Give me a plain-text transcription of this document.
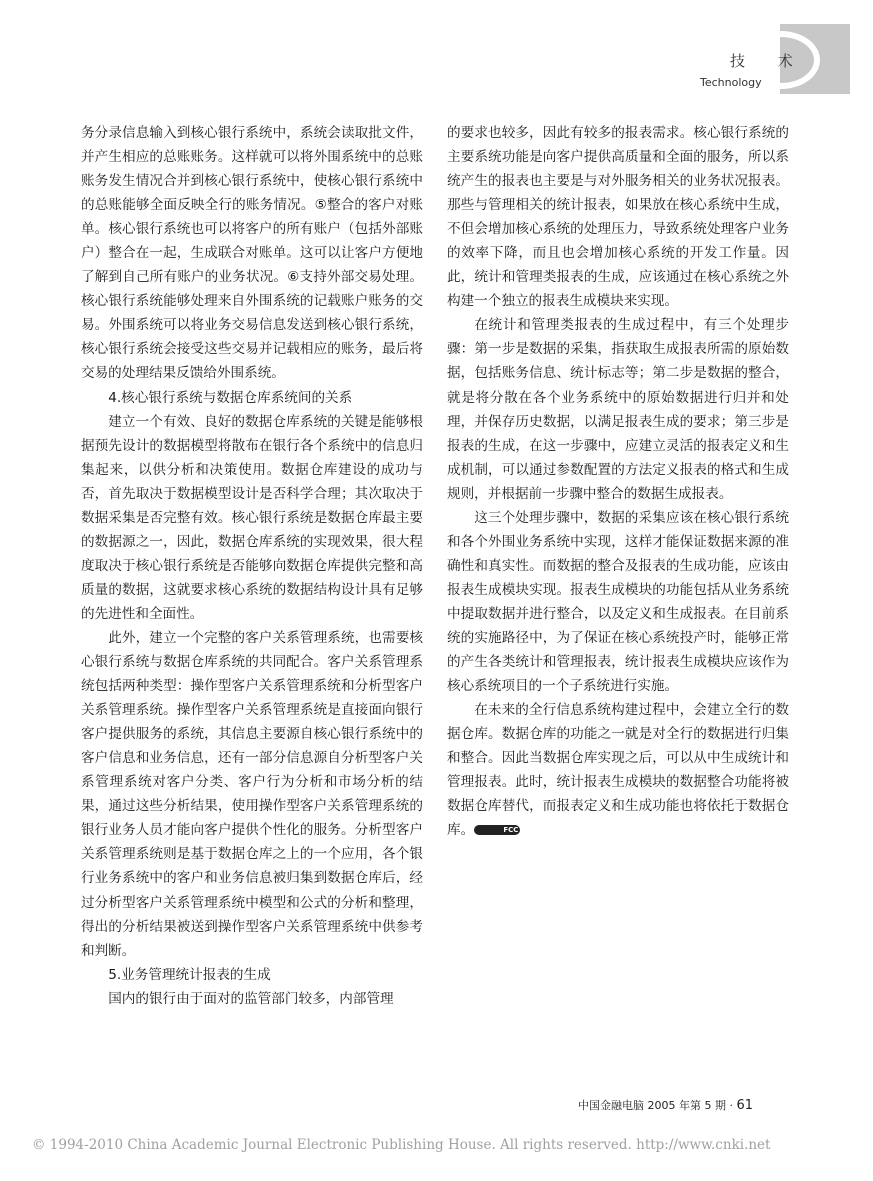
技 术
Technology

务分录信息输入到核心银行系统中，系统会读取批文件，并产生相应的总账账务。这样就可以将外围系统中的总账账务发生情况合并到核心银行系统中，使核心银行系统中的总账能够全面反映全行的账务情况。⑤整合的客户对账单。核心银行系统也可以将客户的所有账户（包括外部账户）整合在一起，生成联合对账单。这可以让客户方便地了解到自己所有账户的业务状况。⑥支持外部交易处理。核心银行系统能够处理来自外围系统的记载账户账务的交易。外围系统可以将业务交易信息发送到核心银行系统，核心银行系统会接受这些交易并记载相应的账务，最后将交易的处理结果反馈给外围系统。

4.核心银行系统与数据仓库系统间的关系

建立一个有效、良好的数据仓库系统的关键是能够根据预先设计的数据模型将散布在银行各个系统中的信息归集起来，以供分析和决策使用。数据仓库建设的成功与否，首先取决于数据模型设计是否科学合理；其次取决于数据采集是否完整有效。核心银行系统是数据仓库最主要的数据源之一，因此，数据仓库系统的实现效果，很大程度取决于核心银行系统是否能够向数据仓库提供完整和高质量的数据，这就要求核心系统的数据结构设计具有足够的先进性和全面性。

此外，建立一个完整的客户关系管理系统，也需要核心银行系统与数据仓库系统的共同配合。客户关系管理系统包括两种类型：操作型客户关系管理系统和分析型客户关系管理系统。操作型客户关系管理系统是直接面向银行客户提供服务的系统，其信息主要源自核心银行系统中的客户信息和业务信息，还有一部分信息源自分析型客户关系管理系统对客户分类、客户行为分析和市场分析的结果，通过这些分析结果，使用操作型客户关系管理系统的银行业务人员才能向客户提供个性化的服务。分析型客户关系管理系统则是基于数据仓库之上的一个应用，各个银行业务系统中的客户和业务信息被归集到数据仓库后，经过分析型客户关系管理系统中模型和公式的分析和整理，得出的分析结果被送到操作型客户关系管理系统中供参考和判断。

5.业务管理统计报表的生成

国内的银行由于面对的监管部门较多，内部管理

的要求也较多，因此有较多的报表需求。核心银行系统的主要系统功能是向客户提供高质量和全面的服务，所以系统产生的报表也主要是与对外服务相关的业务状况报表。那些与管理相关的统计报表，如果放在核心系统中生成，不但会增加核心系统的处理压力，导致系统处理客户业务的效率下降，而且也会增加核心系统的开发工作量。因此，统计和管理类报表的生成，应该通过在核心系统之外构建一个独立的报表生成模块来实现。

在统计和管理类报表的生成过程中，有三个处理步骤：第一步是数据的采集，指获取生成报表所需的原始数据，包括账务信息、统计标志等；第二步是数据的整合，就是将分散在各个业务系统中的原始数据进行归并和处理，并保存历史数据，以满足报表生成的要求；第三步是报表的生成，在这一步骤中，应建立灵活的报表定义和生成机制，可以通过参数配置的方法定义报表的格式和生成规则，并根据前一步骤中整合的数据生成报表。

这三个处理步骤中，数据的采集应该在核心银行系统和各个外围业务系统中实现，这样才能保证数据来源的准确性和真实性。而数据的整合及报表的生成功能，应该由报表生成模块实现。报表生成模块的功能包括从业务系统中提取数据并进行整合，以及定义和生成报表。在目前系统的实施路径中，为了保证在核心系统投产时，能够正常的产生各类统计和管理报表，统计报表生成模块应该作为核心系统项目的一个子系统进行实施。

在未来的全行信息系统构建过程中，会建立全行的数据仓库。数据仓库的功能之一就是对全行的数据进行归集和整合。因此当数据仓库实现之后，可以从中生成统计和管理报表。此时，统计报表生成模块的数据整合功能将被数据仓库替代，而报表定义和生成功能也将依托于数据仓库。	FCC

中国金融电脑 2005 年第 5 期 · 61
© 1994-2010 China Academic Journal Electronic Publishing House. All rights reserved. http://www.cnki.net
